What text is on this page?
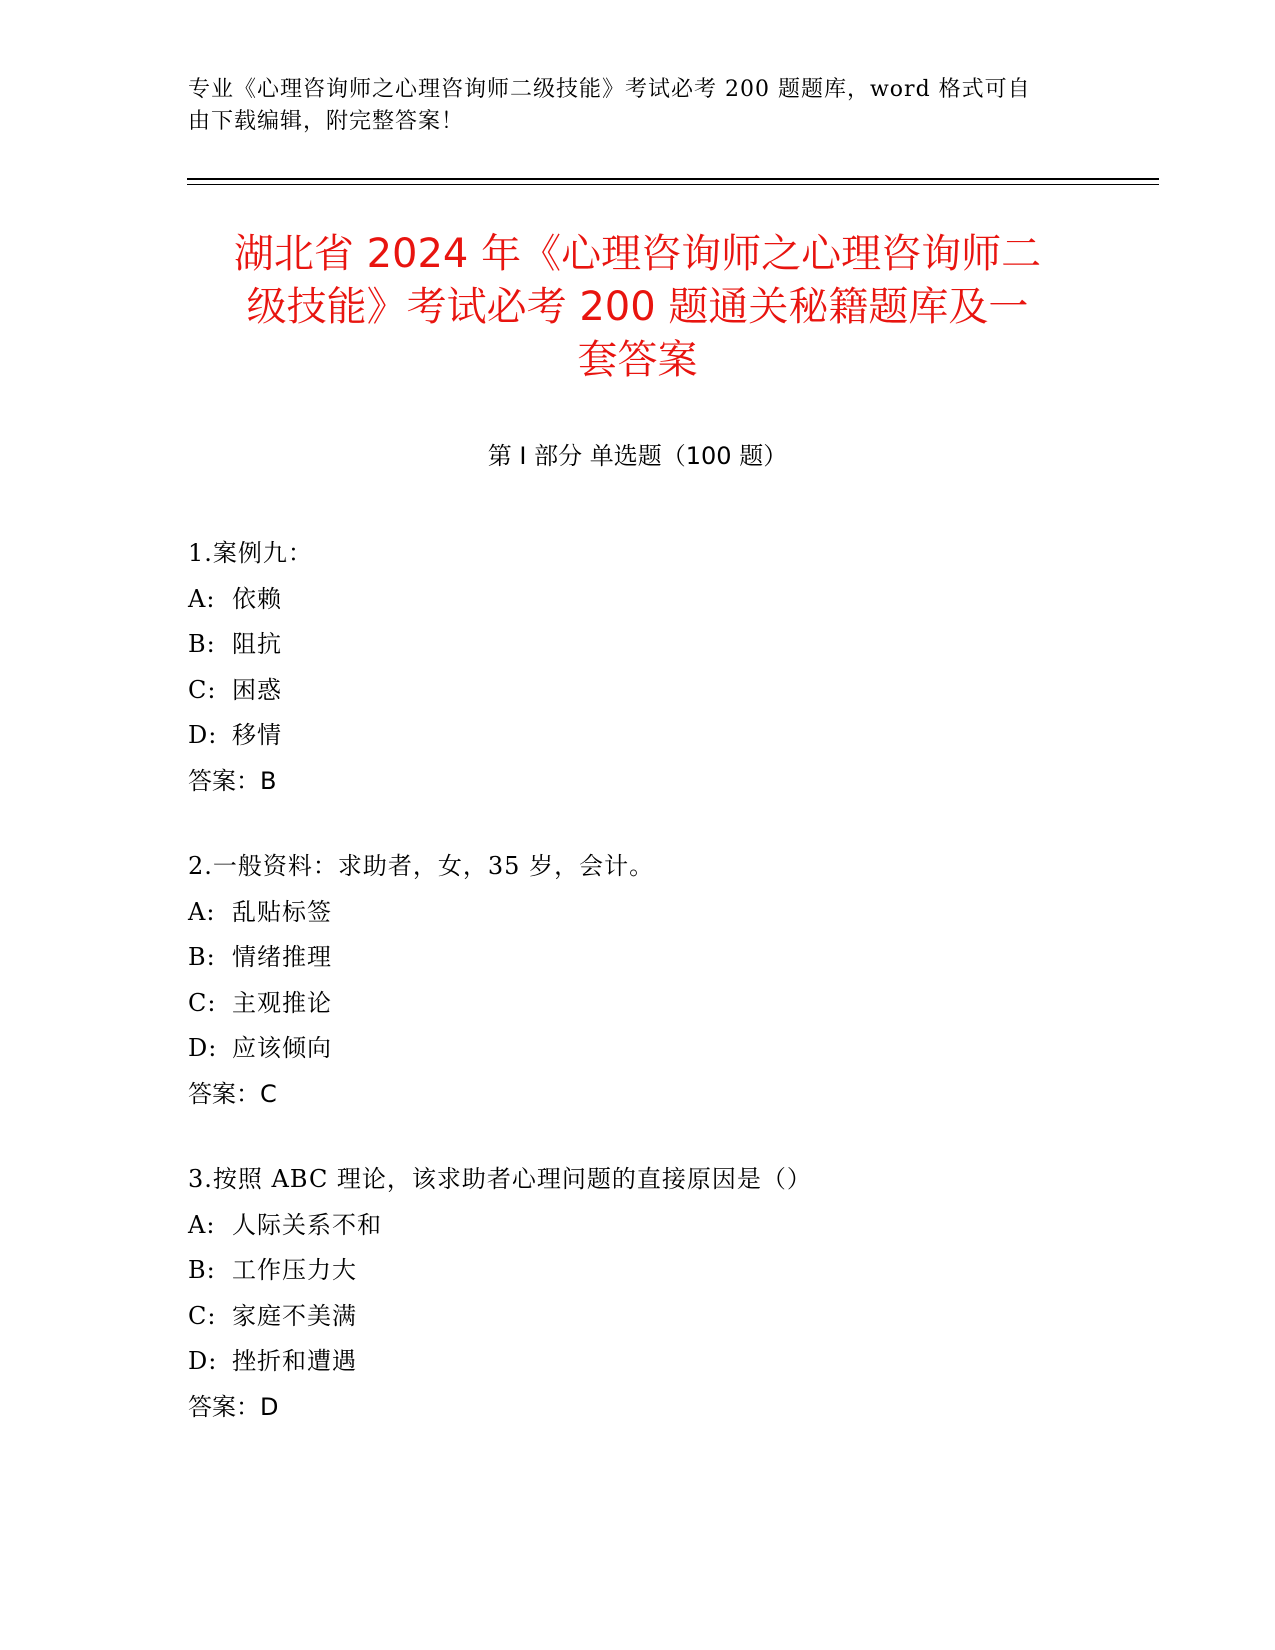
专业《心理咨询师之心理咨询师二级技能》考试必考 200 题题库，word 格式可自
由下载编辑，附完整答案！
湖北省 2024 年《心理咨询师之心理咨询师二
级技能》考试必考 200 题通关秘籍题库及一
套答案
第 I 部分 单选题（100 题）
1.案例九：
A: 依赖
B: 阻抗
C: 困惑
D: 移情
答案：B
2.一般资料：求助者，女，35 岁，会计。
A: 乱贴标签
B: 情绪推理
C: 主观推论
D: 应该倾向
答案：C
3.按照 ABC 理论，该求助者心理问题的直接原因是（）
A: 人际关系不和
B: 工作压力大
C: 家庭不美满
D: 挫折和遭遇
答案：D
